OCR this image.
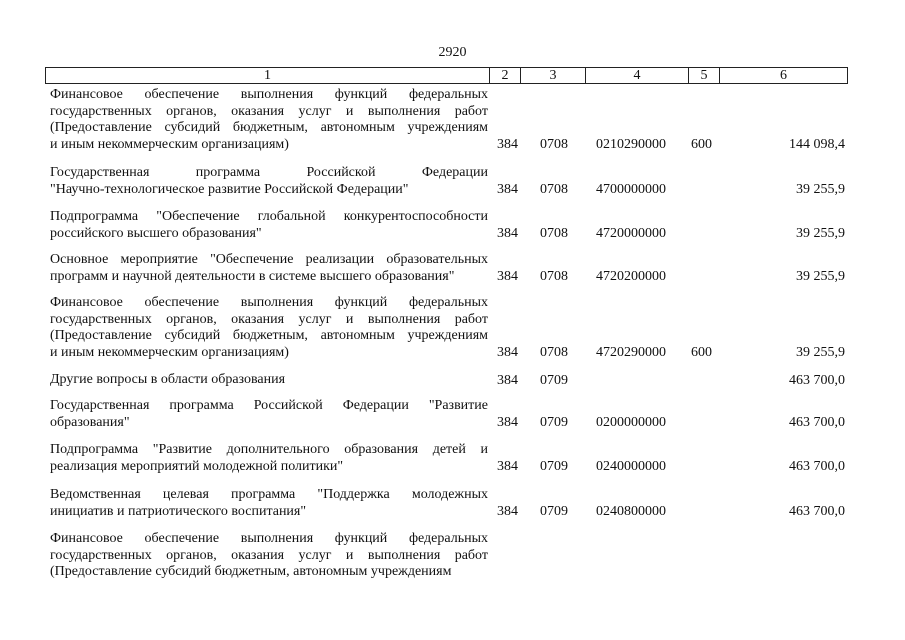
2920
1	2	3	4	5	6
Финансовое обеспечение выполнения функций федеральных
государственных органов, оказания услуг и выполнения работ
(Предоставление субсидий бюджетным, автономным учреждениям
и иным некоммерческим организациям)	384 0708 0210290000 600	144 098,4
Государственная программа Российской Федерации
"Научно-технологическое развитие Российской Федерации"	384 0708 4700000000	39 255,9
Подпрограмма "Обеспечение глобальной конкурентоспособности
российского высшего образования"	384 0708 4720000000	39 255,9
Основное мероприятие "Обеспечение реализации образовательных
программ и научной деятельности в системе высшего образования"	384 0708 4720200000	39 255,9
Финансовое обеспечение выполнения функций федеральных
государственных органов, оказания услуг и выполнения работ
(Предоставление субсидий бюджетным, автономным учреждениям
и иным некоммерческим организациям)	384 0708 4720290000 600	39 255,9
Другие вопросы в области образования	384 0709	463 700,0
Государственная программа Российской Федерации "Развитие
образования"	384 0709 0200000000	463 700,0
Подпрограмма "Развитие дополнительного образования детей и
реализация мероприятий молодежной политики"	384 0709 0240000000	463 700,0
Ведомственная целевая программа "Поддержка молодежных
инициатив и патриотического воспитания"	384 0709 0240800000	463 700,0
Финансовое обеспечение выполнения функций федеральных
государственных органов, оказания услуг и выполнения работ
(Предоставление субсидий бюджетным, автономным учреждениям
